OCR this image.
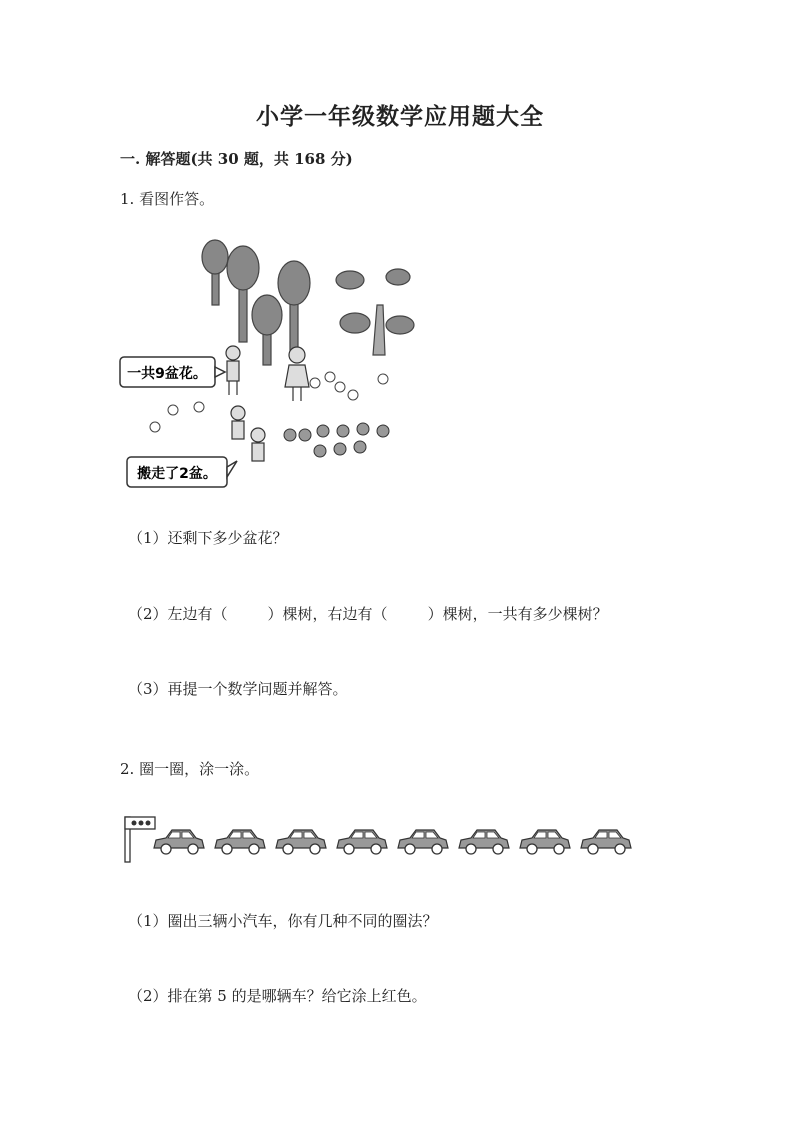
小学一年级数学应用题大全
一. 解答题(共 30 题，共 168 分)
1. 看图作答。
一共9盆花。
搬走了2盆。
（1）还剩下多少盆花？
（2）左边有（	）棵树，右边有（	）棵树，一共有多少棵树？
（3）再提一个数学问题并解答。
2. 圈一圈，涂一涂。
（1）圈出三辆小汽车，你有几种不同的圈法？
（2）排在第 5 的是哪辆车？给它涂上红色。
